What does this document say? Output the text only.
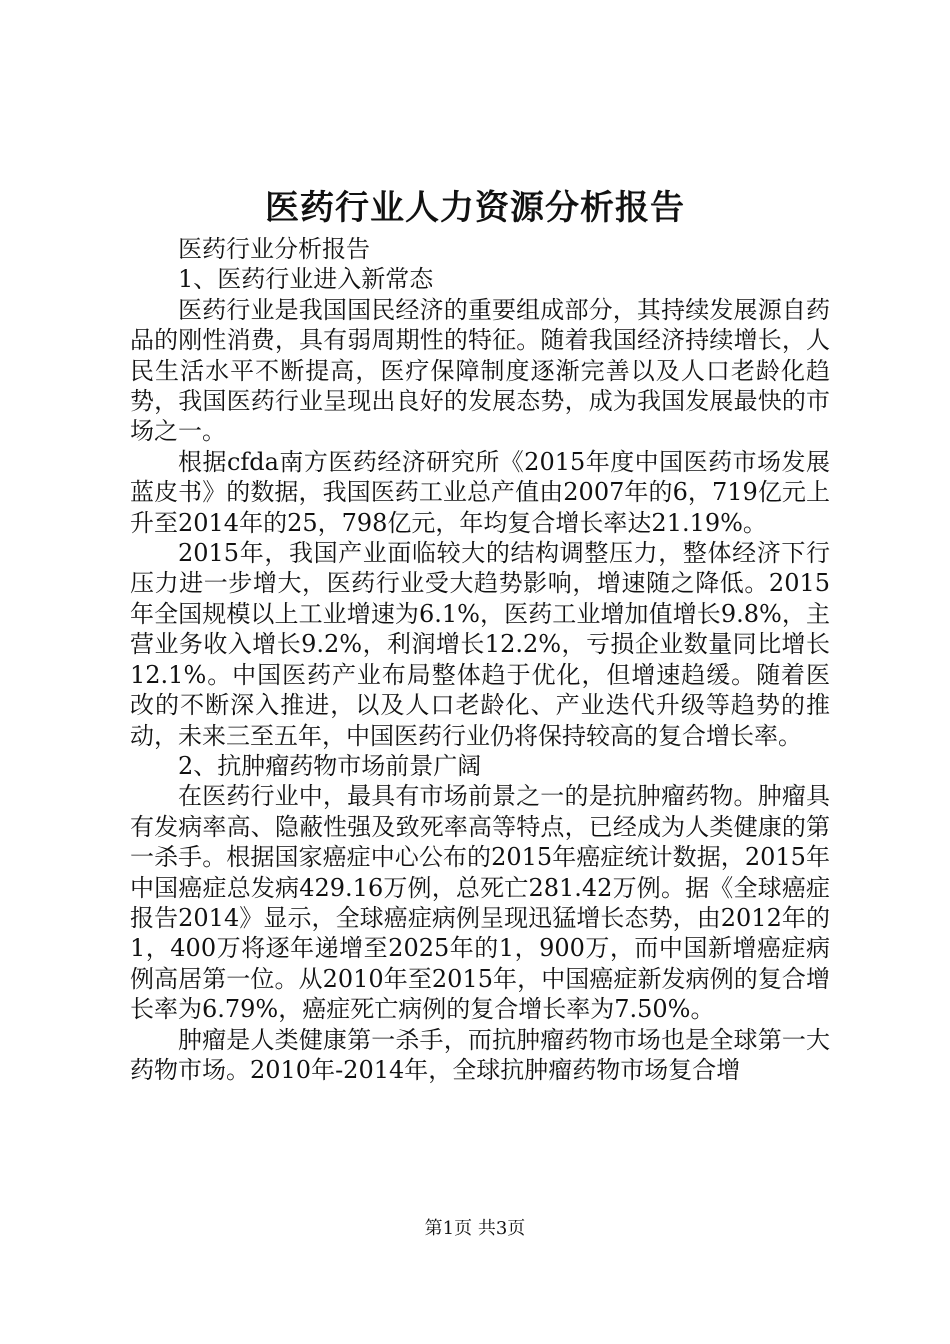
医药行业人力资源分析报告

医药行业分析报告

1、医药行业进入新常态

医药行业是我国国民经济的重要组成部分，其持续发展源自药品的刚性消费，具有弱周期性的特征。随着我国经济持续增长，人民生活水平不断提高，医疗保障制度逐渐完善以及人口老龄化趋势，我国医药行业呈现出良好的发展态势，成为我国发展最快的市场之一。

根据cfda南方医药经济研究所《2015年度中国医药市场发展蓝皮书》的数据，我国医药工业总产值由2007年的6，719亿元上升至2014年的25，798亿元，年均复合增长率达21.19%。

2015年，我国产业面临较大的结构调整压力，整体经济下行压力进一步增大，医药行业受大趋势影响，增速随之降低。2015年全国规模以上工业增速为6.1%，医药工业增加值增长9.8%，主营业务收入增长9.2%，利润增长12.2%，亏损企业数量同比增长12.1%。中国医药产业布局整体趋于优化，但增速趋缓。随着医改的不断深入推进，以及人口老龄化、产业迭代升级等趋势的推动，未来三至五年，中国医药行业仍将保持较高的复合增长率。

2、抗肿瘤药物市场前景广阔

在医药行业中，最具有市场前景之一的是抗肿瘤药物。肿瘤具有发病率高、隐蔽性强及致死率高等特点，已经成为人类健康的第一杀手。根据国家癌症中心公布的2015年癌症统计数据，2015年中国癌症总发病429.16万例，总死亡281.42万例。据《全球癌症报告2014》显示，全球癌症病例呈现迅猛增长态势，由2012年的1，400万将逐年递增至2025年的1，900万，而中国新增癌症病例高居第一位。从2010年至2015年，中国癌症新发病例的复合增长率为6.79%，癌症死亡病例的复合增长率为7.50%。

肿瘤是人类健康第一杀手，而抗肿瘤药物市场也是全球第一大药物市场。2010年-2014年，全球抗肿瘤药物市场复合增

第1页 共3页
